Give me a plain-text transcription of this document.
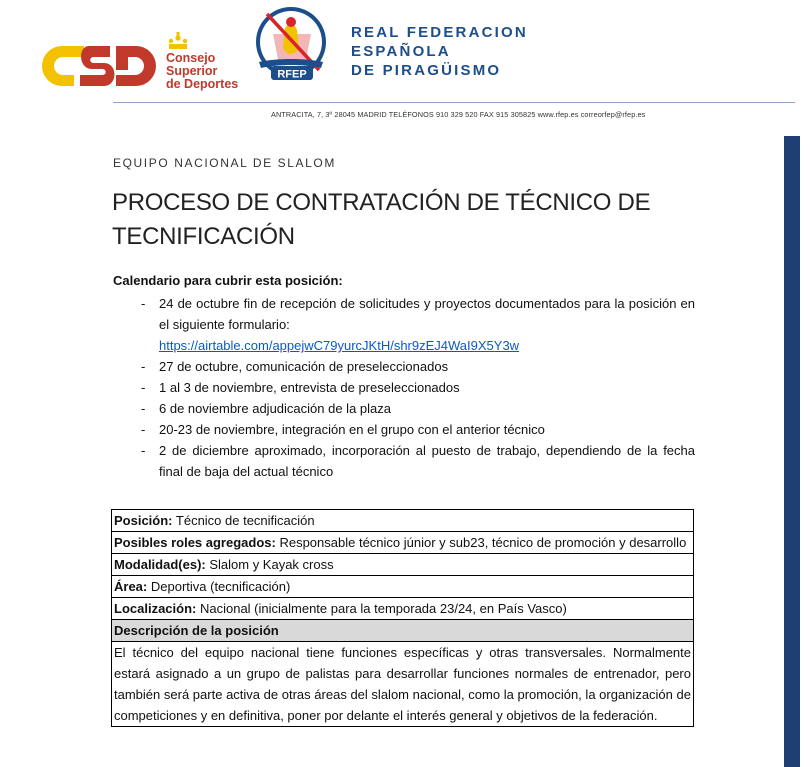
Consejo
Superior
de Deportes
RFEP
REAL FEDERACION
ESPAÑOLA
DE PIRAGÜISMO
ANTRACITA, 7, 3º 28045 MADRID TELÉFONOS 910 329 520 FAX 915 305825 www.rfep.es correorfep@rfep.es
EQUIPO NACIONAL DE SLALOM
PROCESO DE CONTRATACIÓN DE TÉCNICO DE TECNIFICACIÓN
Calendario para cubrir esta posición:
- 24 de octubre fin de recepción de solicitudes y proyectos documentados para la posición en el siguiente formulario:
https://airtable.com/appejwC79yurcJKtH/shr9zEJ4WaI9X5Y3w
- 27 de octubre, comunicación de preseleccionados
- 1 al 3 de noviembre, entrevista de preseleccionados
- 6 de noviembre adjudicación de la plaza
- 20-23 de noviembre, integración en el grupo con el anterior técnico
- 2 de diciembre aproximado, incorporación al puesto de trabajo, dependiendo de la fecha final de baja del actual técnico
Posición: Técnico de tecnificación
Posibles roles agregados: Responsable técnico júnior y sub23, técnico de promoción y desarrollo
Modalidad(es): Slalom y Kayak cross
Área: Deportiva (tecnificación)
Localización: Nacional (inicialmente para la temporada 23/24, en País Vasco)
Descripción de la posición
El técnico del equipo nacional tiene funciones específicas y otras transversales. Normalmente estará asignado a un grupo de palistas para desarrollar funciones normales de entrenador, pero también será parte activa de otras áreas del slalom nacional, como la promoción, la organización de competiciones y en definitiva, poner por delante el interés general y objetivos de la federación.
